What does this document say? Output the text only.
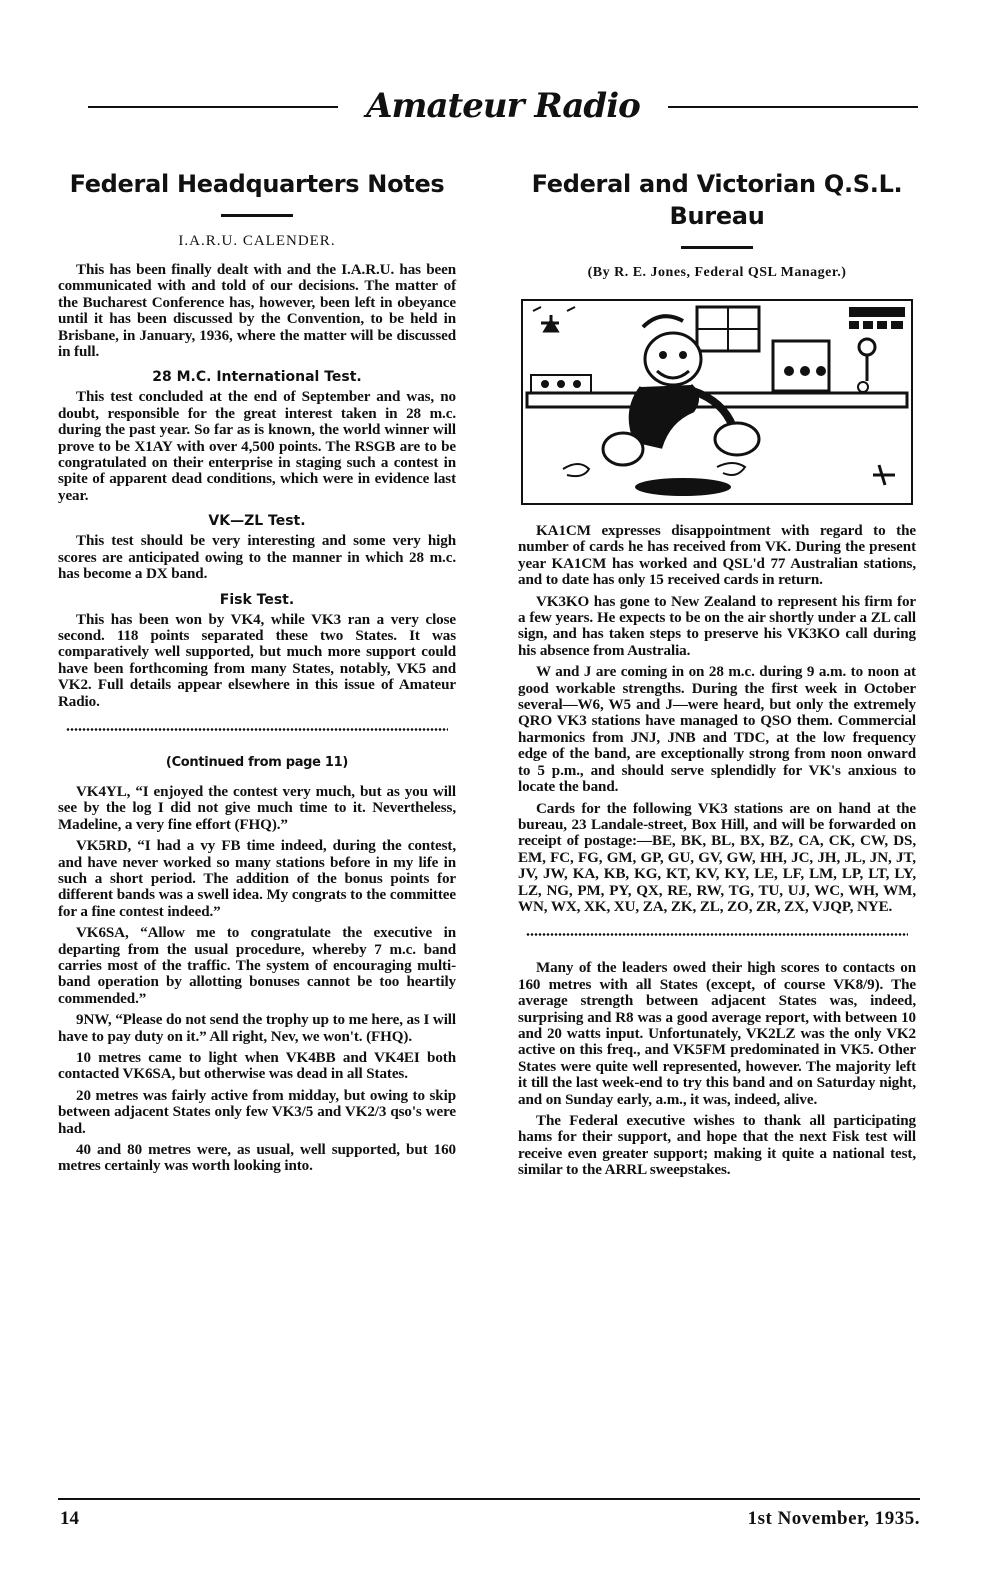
Amateur Radio
Federal Headquarters Notes
I.A.R.U. CALENDER.

This has been finally dealt with and the I.A.R.U. has been communicated with and told of our decisions. The matter of the Bucharest Conference has, however, been left in obeyance until it has been discussed by the Convention, to be held in Brisbane, in January, 1936, where the matter will be discussed in full.

28 M.C. International Test.

This test concluded at the end of September and was, no doubt, responsible for the great interest taken in 28 m.c. during the past year. So far as is known, the world winner will prove to be X1AY with over 4,500 points. The RSGB are to be congratulated on their enterprise in staging such a contest in spite of apparent dead conditions, which were in evidence last year.

VK—ZL Test.

This test should be very interesting and some very high scores are anticipated owing to the manner in which 28 m.c. has become a DX band.

Fisk Test.

This has been won by VK4, while VK3 ran a very close second. 118 points separated these two States. It was comparatively well supported, but much more support could have been forthcoming from many States, notably, VK5 and VK2. Full details appear elsewhere in this issue of Amateur Radio.

(Continued from page 11)

VK4YL, “I enjoyed the contest very much, but as you will see by the log I did not give much time to it. Nevertheless, Madeline, a very fine effort (FHQ).”

VK5RD, “I had a vy FB time indeed, during the contest, and have never worked so many stations before in my life in such a short period. The addition of the bonus points for different bands was a swell idea. My congrats to the committee for a fine contest indeed.”

VK6SA, “Allow me to congratulate the executive in departing from the usual procedure, whereby 7 m.c. band carries most of the traffic. The system of encouraging multi-band operation by allotting bonuses cannot be too heartily commended.”

9NW, “Please do not send the trophy up to me here, as I will have to pay duty on it.” All right, Nev, we won't. (FHQ).

10 metres came to light when VK4BB and VK4EI both contacted VK6SA, but otherwise was dead in all States.

20 metres was fairly active from midday, but owing to skip between adjacent States only few VK3/5 and VK2/3 qso's were had.

40 and 80 metres were, as usual, well supported, but 160 metres certainly was worth looking into.

Federal and Victorian Q.S.L. Bureau
(By R. E. Jones, Federal QSL Manager.)

KA1CM expresses disappointment with regard to the number of cards he has received from VK. During the present year KA1CM has worked and QSL'd 77 Australian stations, and to date has only 15 received cards in return.

VK3KO has gone to New Zealand to represent his firm for a few years. He expects to be on the air shortly under a ZL call sign, and has taken steps to preserve his VK3KO call during his absence from Australia.

W and J are coming in on 28 m.c. during 9 a.m. to noon at good workable strengths. During the first week in October several—W6, W5 and J—were heard, but only the extremely QRO VK3 stations have managed to QSO them. Commercial harmonics from JNJ, JNB and TDC, at the low frequency edge of the band, are exceptionally strong from noon onward to 5 p.m., and should serve splendidly for VK's anxious to locate the band.

Cards for the following VK3 stations are on hand at the bureau, 23 Landale-street, Box Hill, and will be forwarded on receipt of postage:—BE, BK, BL, BX, BZ, CA, CK, CW, DS, EM, FC, FG, GM, GP, GU, GV, GW, HH, JC, JH, JL, JN, JT, JV, JW, KA, KB, KG, KT, KV, KY, LE, LF, LM, LP, LT, LY, LZ, NG, PM, PY, QX, RE, RW, TG, TU, UJ, WC, WH, WM, WN, WX, XK, XU, ZA, ZK, ZL, ZO, ZR, ZX, VJQP, NYE.

Many of the leaders owed their high scores to contacts on 160 metres with all States (except, of course VK8/9). The average strength between adjacent States was, indeed, surprising and R8 was a good average report, with between 10 and 20 watts input. Unfortunately, VK2LZ was the only VK2 active on this freq., and VK5FM predominated in VK5. Other States were quite well represented, however. The majority left it till the last week-end to try this band and on Saturday night, and on Sunday early, a.m., it was, indeed, alive.

The Federal executive wishes to thank all participating hams for their support, and hope that the next Fisk test will receive even greater support; making it quite a national test, similar to the ARRL sweepstakes.

14	1st November, 1935.
